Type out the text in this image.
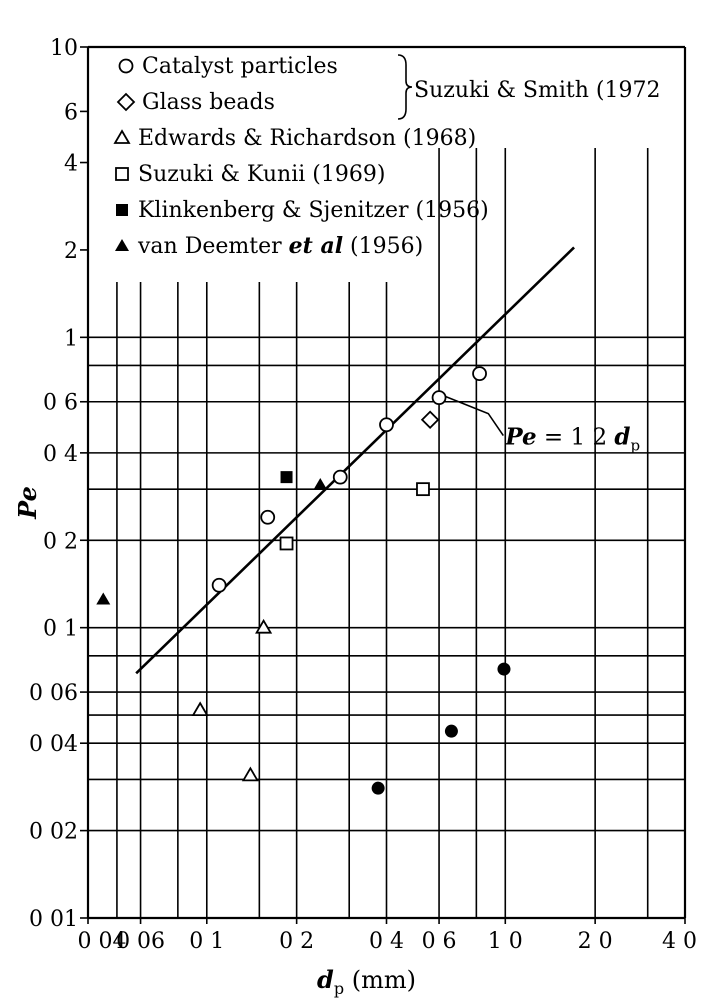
0 01
0 02
0 04
0 06
0 1
0 2
0 4
0 6
1
2
4
6
10
0 04
0 06 0 1 0 2 0 4 0 6 1 0 2 0 4 0
Pe
$d_p$ (mm)
Pe = 1 2 $d_p$
Catalyst particles
Glass beads
Edwards & Richardson (1968)
Suzuki & Kunii (1969)
Klinkenberg & Sjenitzer (1956)
van Deemter et al (1956)
Suzuki & Smith (1972
